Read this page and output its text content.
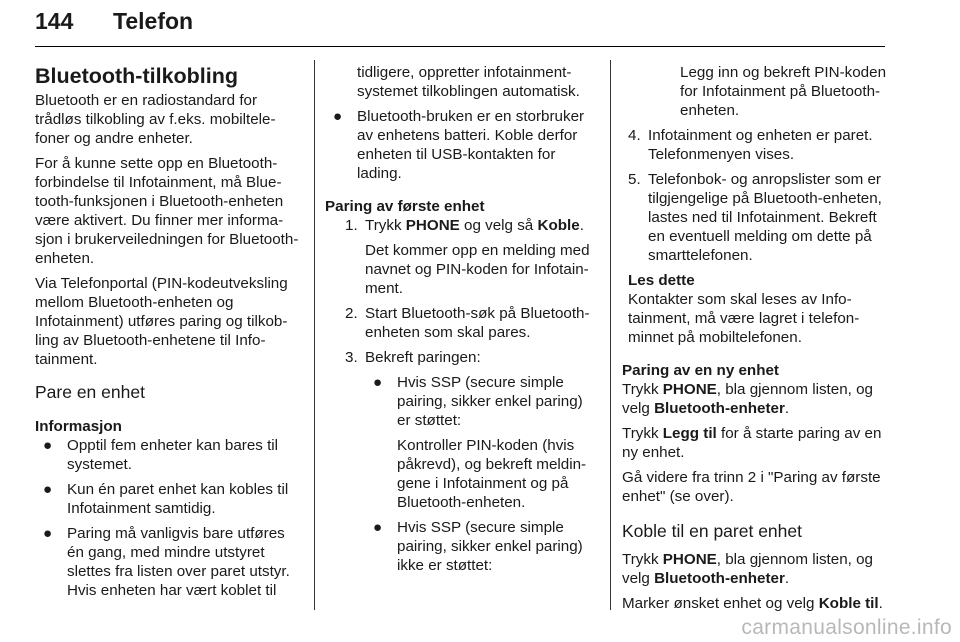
144 Telefon
Bluetooth-tilkobling

Bluetooth er en radiostandard for trådløs tilkobling av f.eks. mobiltelefoner og andre enheter.

For å kunne sette opp en Bluetooth-forbindelse til Infotainment, må Bluetooth-funksjonen i Bluetooth-enheten være aktivert. Du finner mer informasjon i brukerveiledningen for Bluetooth-enheten.

Via Telefonportal (PIN-kodeutveksling mellom Bluetooth-enheten og Infotainment) utføres paring og tilkobling av Bluetooth-enhetene til Infotainment.

Pare en enhet
Informasjon
● Opptil fem enheter kan bares til systemet.
● Kun én paret enhet kan kobles til Infotainment samtidig.
● Paring må vanligvis bare utføres én gang, med mindre utstyret slettes fra listen over paret utstyr. Hvis enheten har vært koblet til

tidligere, oppretter infotainmentsystemet tilkoblingen automatisk.

● Bluetooth-bruken er en storbruker av enhetens batteri. Koble derfor enheten til USB-kontakten for lading.
Paring av første enhet
1. Trykk PHONE og velg så Koble.

Det kommer opp en melding med navnet og PIN-koden for Infotainment.

2. Start Bluetooth-søk på Bluetooth-enheten som skal pares.
3. Bekreft paringen:
● Hvis SSP (secure simple pairing, sikker enkel paring) er støttet:

Kontroller PIN-koden (hvis påkrevd), og bekreft meldingene i Infotainment og på Bluetooth-enheten.

● Hvis SSP (secure simple pairing, sikker enkel paring) ikke er støttet:

Legg inn og bekreft PIN-koden for Infotainment på Bluetooth-enheten.

4. Infotainment og enheten er paret. Telefonmenyen vises.
5. Telefonbok- og anropslister som er tilgjengelige på Bluetooth-enheten, lastes ned til Infotainment. Bekreft en eventuell melding om dette på smarttelefonen.
Les dette

Kontakter som skal leses av Infotainment, må være lagret i telefonminnet på mobiltelefonen.

Paring av en ny enhet

Trykk PHONE, bla gjennom listen, og velg Bluetooth-enheter.

Trykk Legg til for å starte paring av en ny enhet.

Gå videre fra trinn 2 i "Paring av første enhet" (se over).

Koble til en paret enhet

Trykk PHONE, bla gjennom listen, og velg Bluetooth-enheter.

Marker ønsket enhet og velg Koble til.

carmanualsonline.info
